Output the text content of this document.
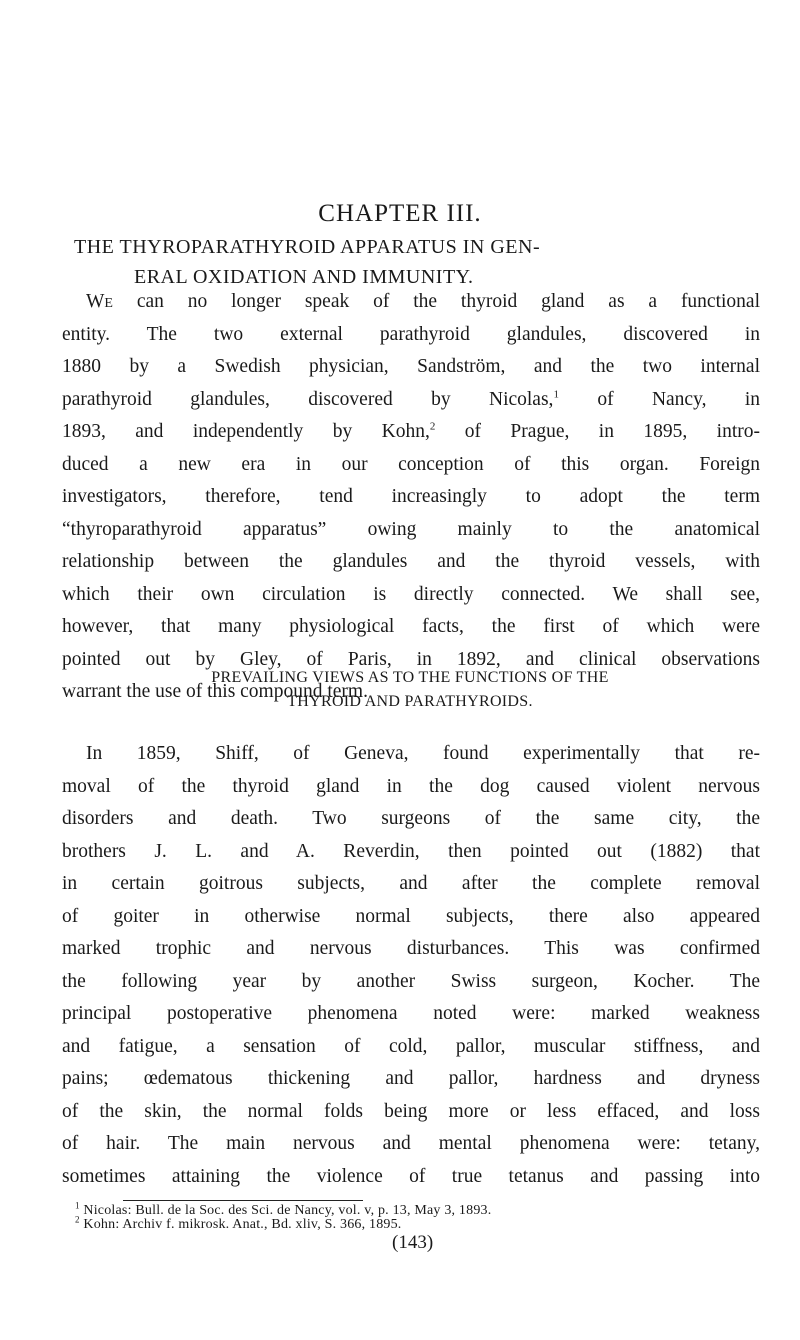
CHAPTER III.
THE THYROPARATHYROID APPARATUS IN GEN-
ERAL OXIDATION AND IMMUNITY.
We can no longer speak of the thyroid gland as a functional
entity. The two external parathyroid glandules, discovered in
1880 by a Swedish physician, Sandström, and the two internal
parathyroid glandules, discovered by Nicolas,$^1$ of Nancy, in
1893, and independently by Kohn,$^2$ of Prague, in 1895, intro-
duced a new era in our conception of this organ. Foreign
investigators, therefore, tend increasingly to adopt the term
“thyroparathyroid apparatus” owing mainly to the anatomical
relationship between the glandules and the thyroid vessels, with
which their own circulation is directly connected. We shall see,
however, that many physiological facts, the first of which were
pointed out by Gley, of Paris, in 1892, and clinical observations
warrant the use of this compound term.
PREVAILING VIEWS AS TO THE FUNCTIONS OF THE
THYROID AND PARATHYROIDS.
In 1859, Shiff, of Geneva, found experimentally that re-
moval of the thyroid gland in the dog caused violent nervous
disorders and death. Two surgeons of the same city, the
brothers J. L. and A. Reverdin, then pointed out (1882) that
in certain goitrous subjects, and after the complete removal
of goiter in otherwise normal subjects, there also appeared
marked trophic and nervous disturbances. This was confirmed
the following year by another Swiss surgeon, Kocher. The
principal postoperative phenomena noted were: marked weakness
and fatigue, a sensation of cold, pallor, muscular stiffness, and
pains; œdematous thickening and pallor, hardness and dryness
of the skin, the normal folds being more or less effaced, and loss
of hair. The main nervous and mental phenomena were: tetany,
sometimes attaining the violence of true tetanus and passing into
$^1$ Nicolas: Bull. de la Soc. des Sci. de Nancy, vol. v, p. 13, May 3, 1893.
$^2$ Kohn: Archiv f. mikrosk. Anat., Bd. xliv, S. 366, 1895.
(143)
